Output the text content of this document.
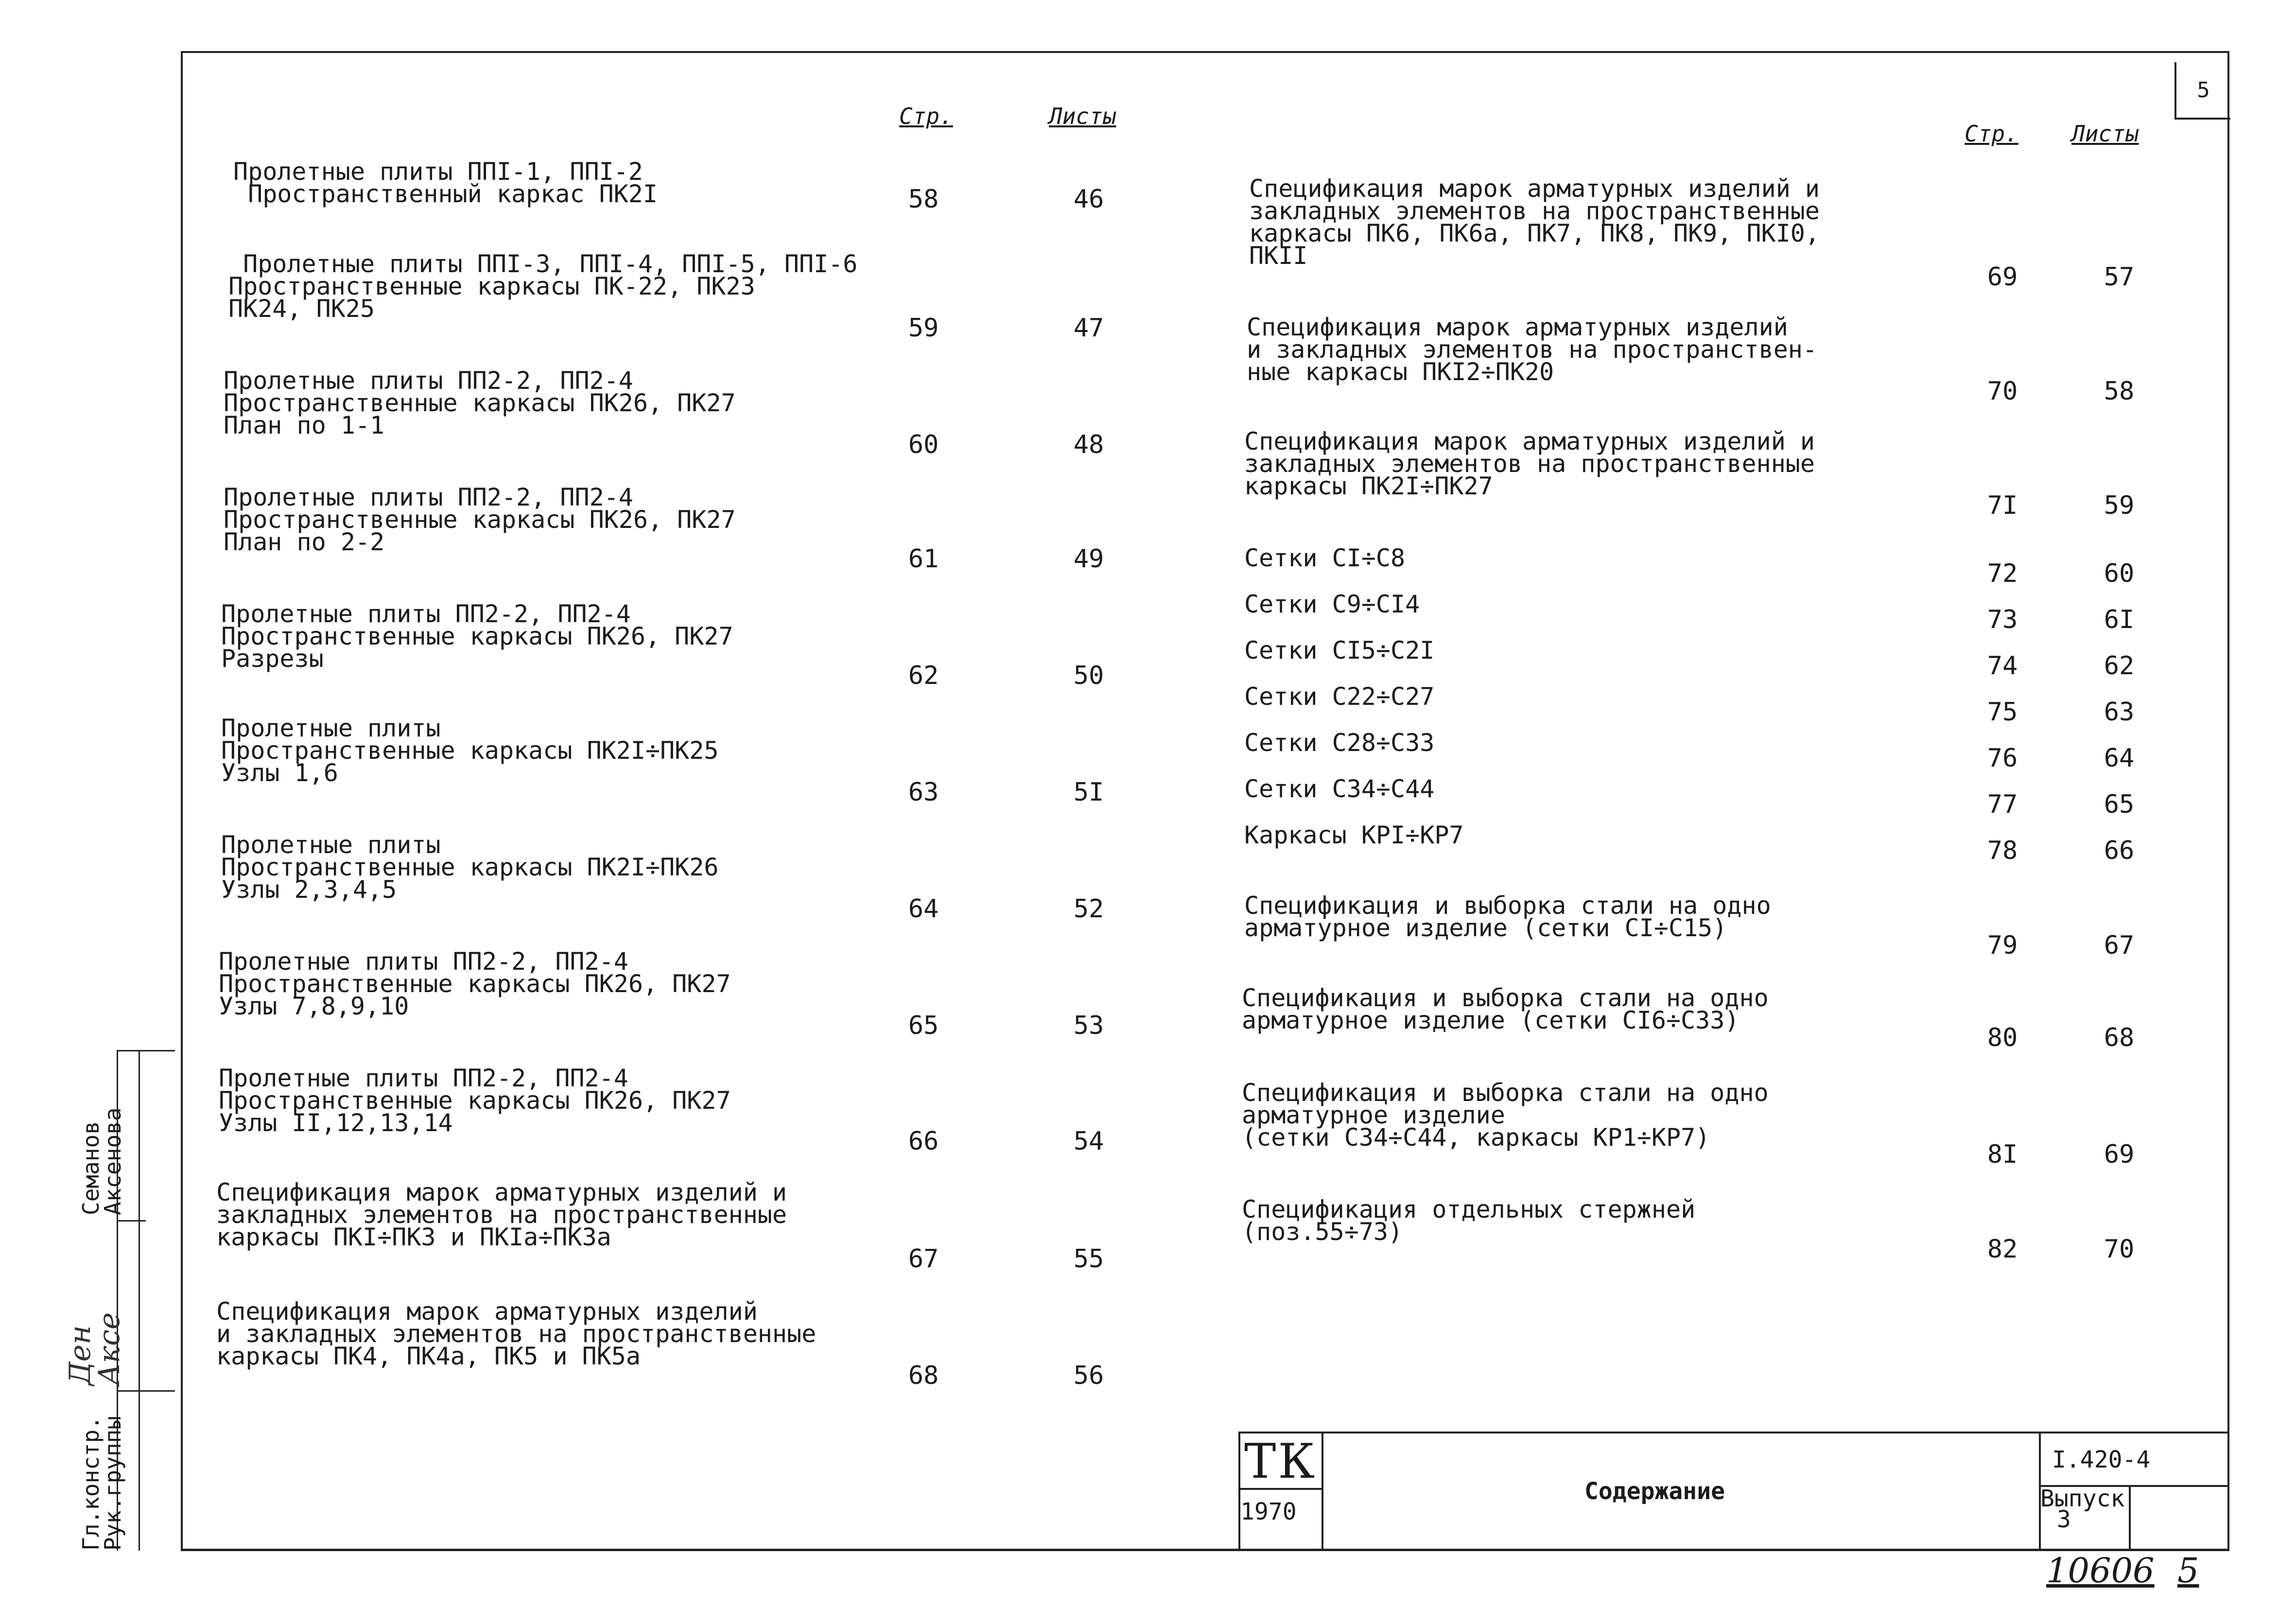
5
Стр.	Листы
Стр. Листы
Пролетные плиты ППI-1, ППI-2
Пространственный каркас ПК2I	58	46
Пролетные плиты ППI-3, ППI-4, ППI-5, ППI-6
Пространственные каркасы ПК-22, ПК23
ПК24, ПК25
59	47
Пролетные плиты ПП2-2, ПП2-4
Пространственные каркасы ПК26, ПК27
План по 1-1
60	48
Пролетные плиты ПП2-2, ПП2-4
Пространственные каркасы ПК26, ПК27
План по 2-2
61	49
Пролетные плиты ПП2-2, ПП2-4
Пространственные каркасы ПК26, ПК27
Разрезы
62	50
Пролетные плиты
Пространственные каркасы ПК2I÷ПК25
Узлы 1,6
63	5I
Пролетные плиты
Пространственные каркасы ПК2I÷ПК26
Узлы 2,3,4,5
64	52
Пролетные плиты ПП2-2, ПП2-4
Пространственные каркасы ПК26, ПК27
Узлы 7,8,9,10
65	53
Пролетные плиты ПП2-2, ПП2-4
Пространственные каркасы ПК26, ПК27
Узлы II,12,13,14
66	54
Спецификация марок арматурных изделий и
закладных элементов на пространственные
каркасы ПКI÷ПК3 и ПКIа÷ПК3а
67	55
Спецификация марок арматурных изделий
и закладных элементов на пространственные
каркасы ПК4, ПК4а, ПК5 и ПК5а
68	56
Спецификация марок арматурных изделий и
закладных элементов на пространственные
каркасы ПК6, ПК6а, ПК7, ПК8, ПК9, ПКI0,
ПКII
69	57
Спецификация марок арматурных изделий
и закладных элементов на пространствен-
ные каркасы ПКI2÷ПК20
70	58
Спецификация марок арматурных изделий и
закладных элементов на пространственные
каркасы ПК2I÷ПК27
7I	59
Сетки СI÷С8
72	60
Сетки С9÷СI4
73	6I
Сетки СI5÷С2I
74	62
Сетки С22÷С27
75	63
Сетки С28÷С33
76	64
Сетки С34÷С44
77	65
Каркасы КРI÷КР7
78	66
Спецификация и выборка стали на одно
арматурное изделие (сетки СI÷С15)
79	67
Спецификация и выборка стали на одно
арматурное изделие (сетки СI6÷С33)
80	68
Спецификация и выборка стали на одно
арматурное изделие
(сетки С34÷С44, каркасы КР1÷КР7)
8I	69
Спецификация отдельных стержней
(поз.55÷73)
82	70
Гл.констр.
Рук.группы
Семанов
Аксенова
Ден
Аксе
ТК
1970
Содержание
I.420-4
Выпуск
3
10606 5
